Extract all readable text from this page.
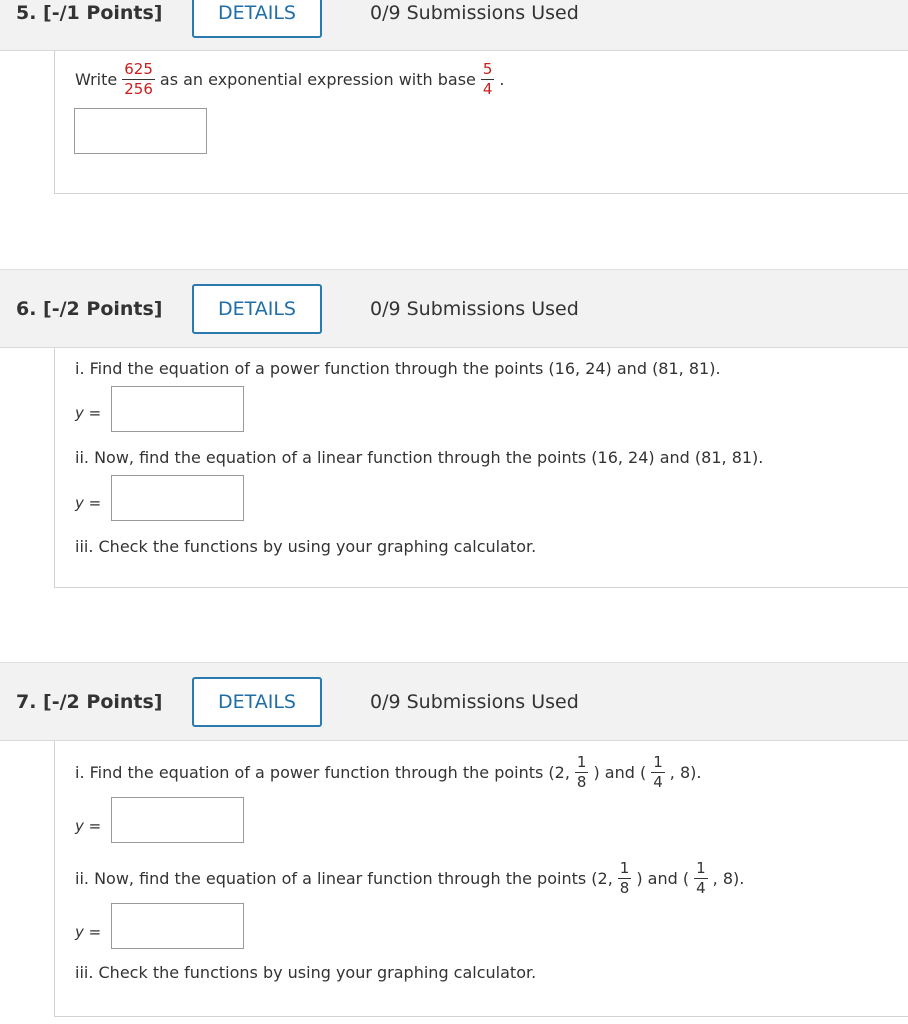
5. [-/1 Points]	DETAILS	0/9 Submissions Used
Write $\frac{625}{256}$ as an exponential expression with base $\frac{5}{4}$ .
6. [-/2 Points]	DETAILS	0/9 Submissions Used
i. Find the equation of a power function through the points (16, 24) and (81, 81).
y =
ii. Now, find the equation of a linear function through the points (16, 24) and (81, 81).
y =
iii. Check the functions by using your graphing calculator.
7. [-/2 Points]	DETAILS	0/9 Submissions Used
i. Find the equation of a power function through the points (2, $\frac{1}{8}$ ) and ( $\frac{1}{4}$ , 8).
y =
ii. Now, find the equation of a linear function through the points (2, $\frac{1}{8}$ ) and ( $\frac{1}{4}$ , 8).
y =
iii. Check the functions by using your graphing calculator.
